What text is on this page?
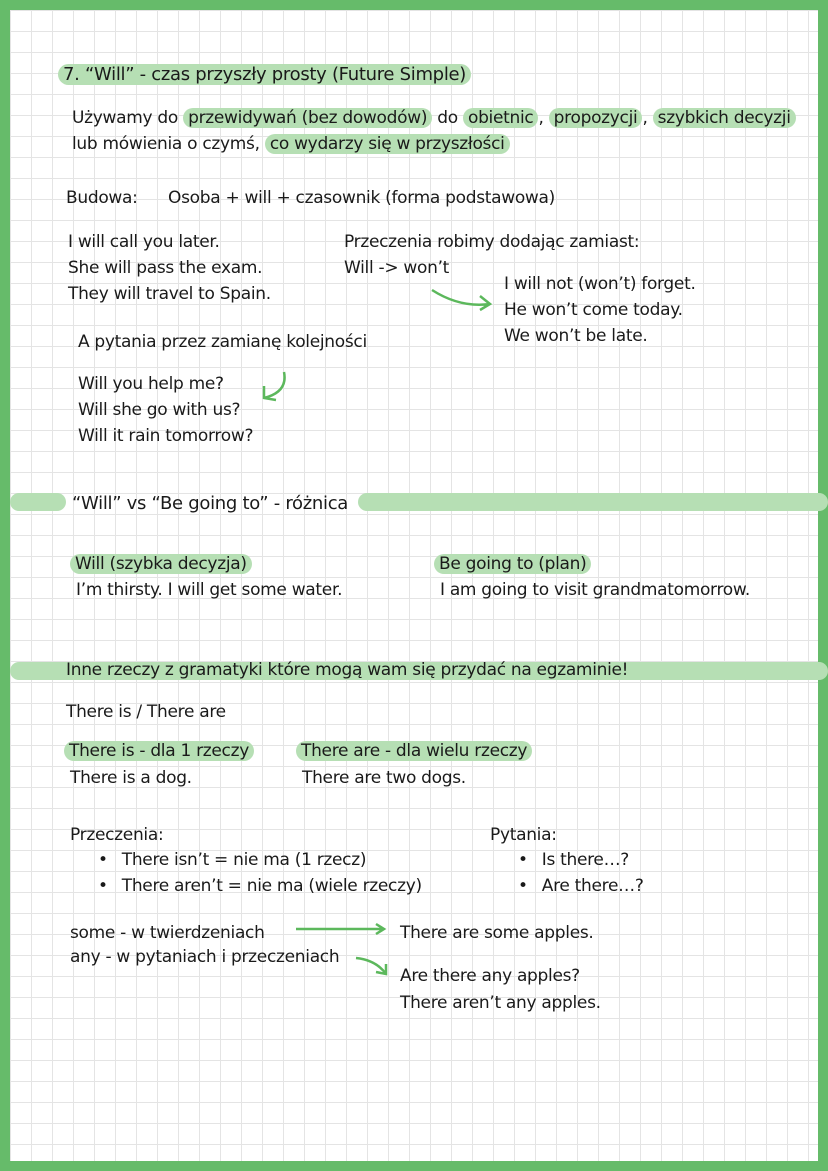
7. “Will” - czas przyszły prosty (Future Simple)
Używamy do przewidywań (bez dowodów) do obietnic , propozycji , szybkich decyzji
lub mówienia o czymś, co wydarzy się w przyszłości
Budowa: Osoba + will + czasownik (forma podstawowa)
I will call you later.
She will pass the exam.
They will travel to Spain.
Przeczenia robimy dodając zamiast:
Will -> won’t
I will not (won’t) forget.
He won’t come today.
We won’t be late.
A pytania przez zamianę kolejności
Will you help me?
Will she go with us?
Will it rain tomorrow?
“Will” vs “Be going to” - różnica
Will (szybka decyzja)
I’m thirsty. I will get some water.
Be going to (plan)
I am going to visit grandmatomorrow.
Inne rzeczy z gramatyki które mogą wam się przydać na egzaminie!
There is / There are
There is - dla 1 rzeczy
There is a dog.
There are - dla wielu rzeczy
There are two dogs.
Przeczenia:
• There isn’t = nie ma (1 rzecz)
• There aren’t = nie ma (wiele rzeczy)
Pytania:
• Is there…?
• Are there…?
some - w twierdzeniach
any - w pytaniach i przeczeniach
There are some apples.
Are there any apples?
There aren’t any apples.
